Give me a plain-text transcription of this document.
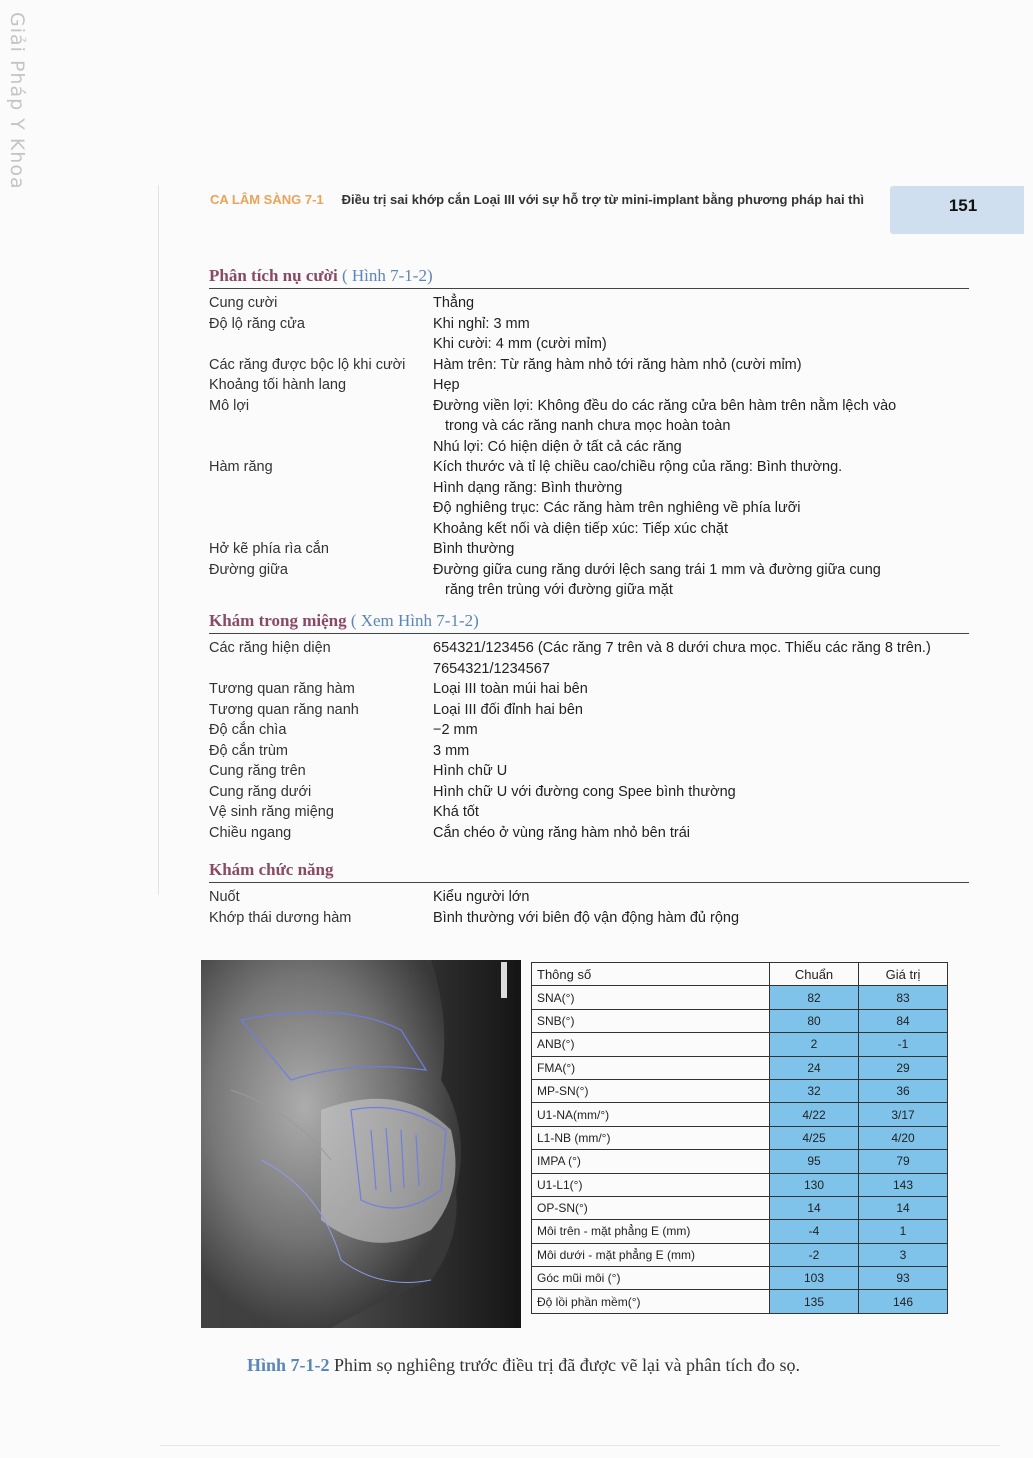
Giải Pháp Y Khoa
CA LÂM SÀNG 7-1 Điều trị sai khớp cắn Loại III với sự hỗ trợ từ mini-implant bằng phương pháp hai thì	151
Phân tích nụ cười ( Hình 7-1-2)
Cung cười	Thẳng
Độ lộ răng cửa	Khi nghỉ: 3 mm
Khi cười: 4 mm (cười mỉm)
Các răng được bộc lộ khi cười	Hàm trên: Từ răng hàm nhỏ tới răng hàm nhỏ (cười mỉm)
Khoảng tối hành lang	Hẹp
Mô lợi	Đường viền lợi: Không đều do các răng cửa bên hàm trên nằm lệch vào
trong và các răng nanh chưa mọc hoàn toàn
Nhú lợi: Có hiện diện ở tất cả các răng
Hàm răng	Kích thước và tỉ lệ chiều cao/chiều rộng của răng: Bình thường.
Hình dạng răng: Bình thường
Độ nghiêng trục: Các răng hàm trên nghiêng về phía lưỡi
Khoảng kết nối và diện tiếp xúc: Tiếp xúc chặt
Hở kẽ phía rìa cắn	Bình thường
Đường giữa	Đường giữa cung răng dưới lệch sang trái 1 mm và đường giữa cung
răng trên trùng với đường giữa mặt
Khám trong miệng ( Xem Hình 7-1-2)
Các răng hiện diện	654321/123456 (Các răng 7 trên và 8 dưới chưa mọc. Thiếu các răng 8 trên.)
7654321/1234567
Tương quan răng hàm	Loại III toàn múi hai bên
Tương quan răng nanh	Loại III đối đỉnh hai bên
Độ cắn chìa	−2 mm
Độ cắn trùm	3 mm
Cung răng trên	Hình chữ U
Cung răng dưới	Hình chữ U với đường cong Spee bình thường
Vệ sinh răng miệng	Khá tốt
Chiều ngang	Cắn chéo ở vùng răng hàm nhỏ bên trái
Khám chức năng
Nuốt	Kiểu người lớn
Khớp thái dương hàm	Bình thường với biên độ vận động hàm đủ rộng
Thông số	Chuẩn	Giá trị
SNA(°)	82	83
SNB(°)	80	84
ANB(°)	2	-1
FMA(°)	24	29
MP-SN(°)	32	36
U1-NA(mm/°)	4/22	3/17
L1-NB (mm/°)	4/25	4/20
IMPA (°)	95	79
U1-L1(°)	130	143
OP-SN(°)	14	14
Môi trên - mặt phẳng E (mm)	-4	1
Môi dưới - mặt phẳng E (mm)	-2	3
Góc mũi môi (°)	103	93
Độ lồi phần mềm(°)	135	146
Hình 7-1-2 Phim sọ nghiêng trước điều trị đã được vẽ lại và phân tích đo sọ.
